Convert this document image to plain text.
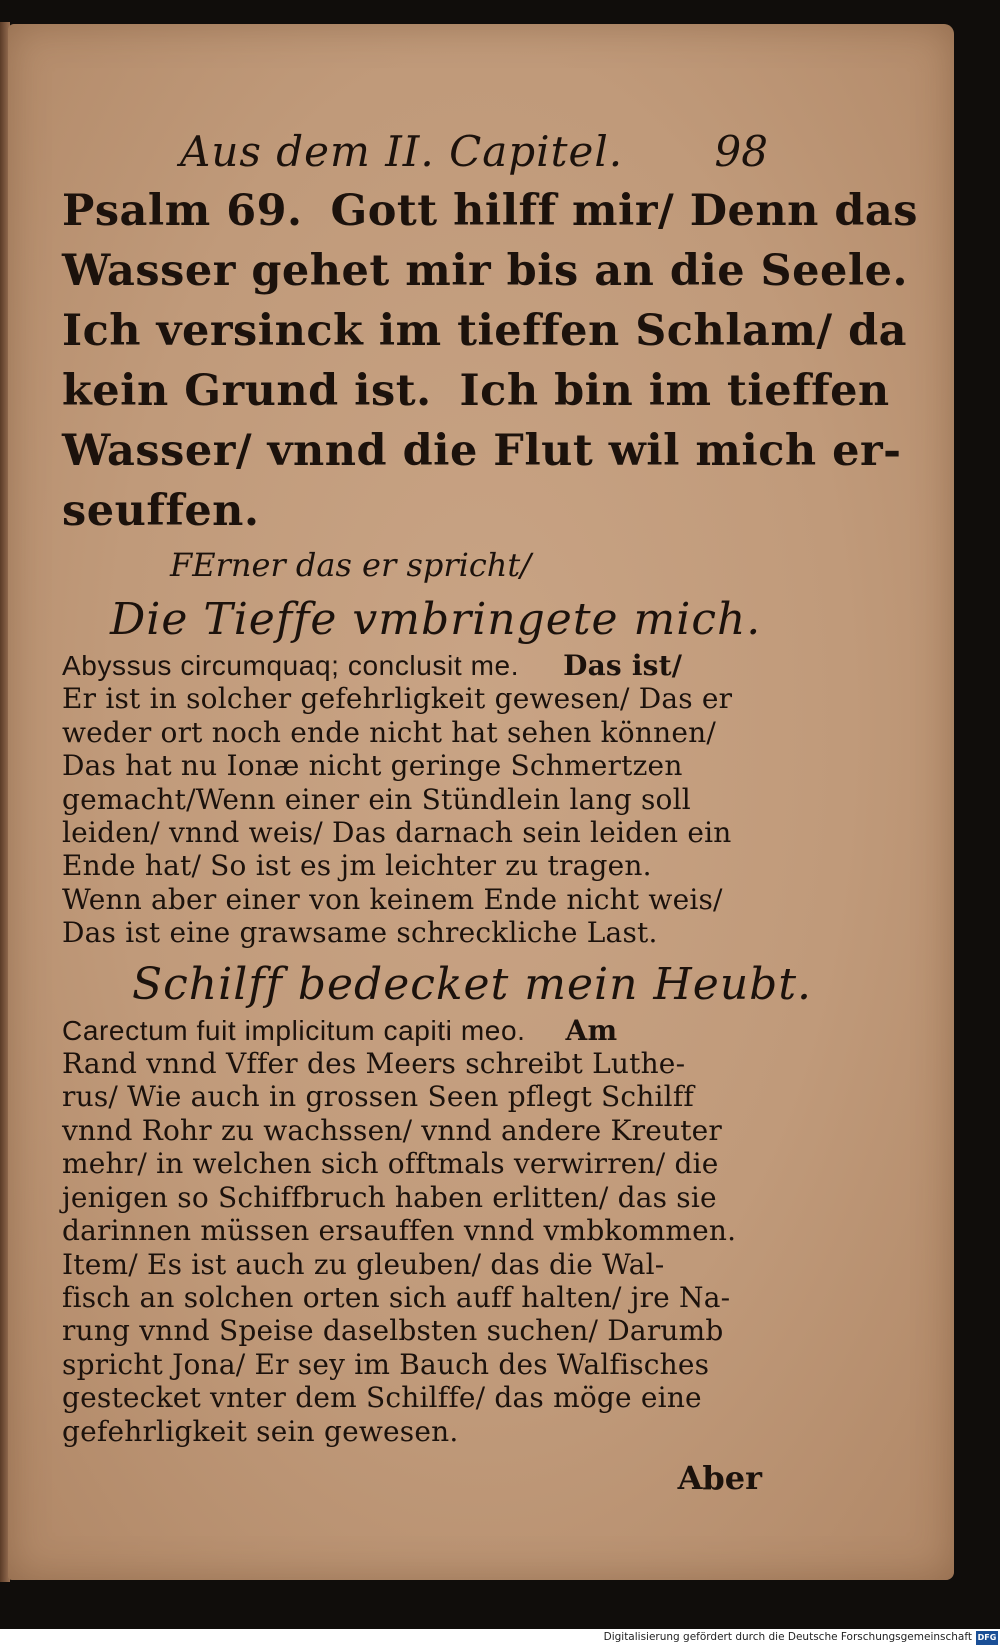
Aus dem II. Capitel. 98
Psalm 69. Gott hilff mir/ Denn das
Wasser gehet mir bis an die Seele.
Ich versinck im tieffen Schlam/ da
kein Grund ist. Ich bin im tieffen
Wasser/ vnnd die Flut wil mich er-
seuffen.
FErner das er spricht/
Die Tieffe vmbringete mich.
Abyssus circumquaq; conclusit me. Das ist/
Er ist in solcher gefehrligkeit gewesen/ Das er
weder ort noch ende nicht hat sehen können/
Das hat nu Ionæ nicht geringe Schmertzen
gemacht/Wenn einer ein Stündlein lang soll
leiden/ vnnd weis/ Das darnach sein leiden ein
Ende hat/ So ist es jm leichter zu tragen.
Wenn aber einer von keinem Ende nicht weis/
Das ist eine grawsame schreckliche Last.
Schilff bedecket mein Heubt.
Carectum fuit implicitum capiti meo. Am
Rand vnnd Vffer des Meers schreibt Luthe-
rus/ Wie auch in grossen Seen pflegt Schilff
vnnd Rohr zu wachssen/ vnnd andere Kreuter
mehr/ in welchen sich offtmals verwirren/ die
jenigen so Schiffbruch haben erlitten/ das sie
darinnen müssen ersauffen vnnd vmbkommen.
Item/ Es ist auch zu gleuben/ das die Wal-
fisch an solchen orten sich auff halten/ jre Na-
rung vnnd Speise daselbsten suchen/ Darumb
spricht Jona/ Er sey im Bauch des Walfisches
gestecket vnter dem Schilffe/ das möge eine
gefehrligkeit sein gewesen.
Aber
Digitalisierung gefördert durch die Deutsche Forschungsgemeinschaft DFG
